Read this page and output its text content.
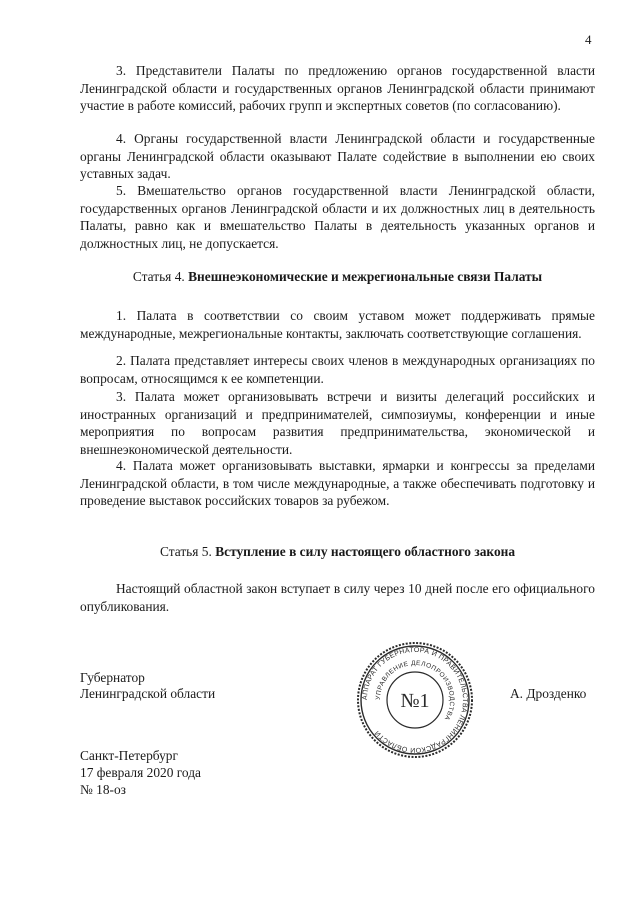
4

3. Представители Палаты по предложению органов государственной власти Ленинградской области и государственных органов Ленинградской области принимают участие в работе комиссий, рабочих групп и экспертных советов (по согласованию).

4. Органы государственной власти Ленинградской области и государственные органы Ленинградской области оказывают Палате содействие в выполнении ею своих уставных задач.

5. Вмешательство органов государственной власти Ленинградской области, государственных органов Ленинградской области и их должностных лиц в деятельность Палаты, равно как и вмешательство Палаты в деятельность указанных органов и должностных лиц, не допускается.

Статья 4. Внешнеэкономические и межрегиональные связи Палаты

1. Палата в соответствии со своим уставом может поддерживать прямые международные, межрегиональные контакты, заключать соответствующие соглашения.

2. Палата представляет интересы своих членов в международных организациях по вопросам, относящимся к ее компетенции.

3. Палата может организовывать встречи и визиты делегаций российских и иностранных организаций и предпринимателей, симпозиумы, конференции и иные мероприятия по вопросам развития предпринимательства, экономической и внешнеэкономической деятельности.

4. Палата может организовывать выставки, ярмарки и конгрессы за пределами Ленинградской области, в том числе международные, а также обеспечивать подготовку и проведение выставок российских товаров за рубежом.

Статья 5. Вступление в силу настоящего областного закона

Настоящий областной закон вступает в силу через 10 дней после его официального опубликования.

Губернатор

Ленинградской области	А. Дрозденко

АППАРАТ ГУБЕРНАТОРА И ПРАВИТЕЛЬСТВА ЛЕНИНГРАДСКОЙ ОБЛАСТИ
УПРАВЛЕНИЕ ДЕЛОПРОИЗВОДСТВА
№1

Санкт-Петербург

17 февраля 2020 года

№ 18-оз
